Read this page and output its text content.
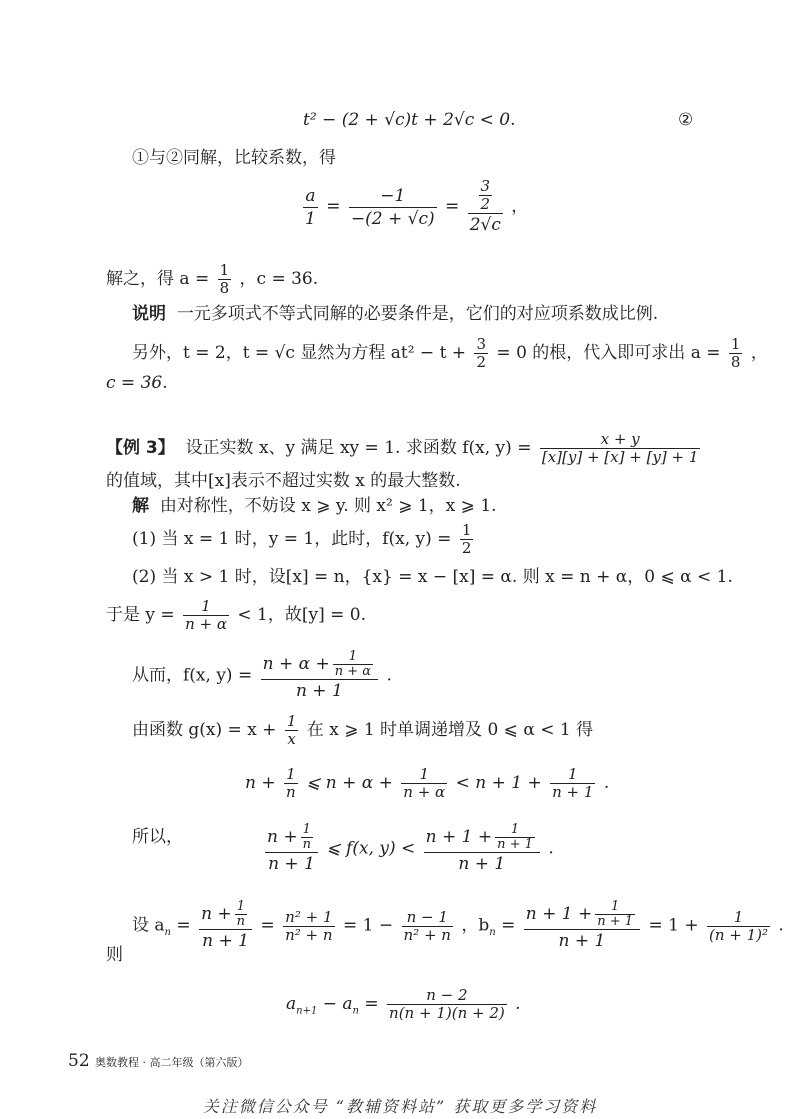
t² − (2 + √c)t + 2√c < 0.	②
①与②同解，比较系数，得
$\frac{a}{1} = \frac{-1}{-(2 + √c)} = \frac{\frac{3}{2}}{2√c}$ ，
解之，得 $a = \frac{1}{8}$ ，c = 36.
说明 一元多项式不等式同解的必要条件是，它们的对应项系数成比例.
另外，t = 2，t = √c 显然为方程 $at^2 - t + \frac{3}{2} = 0$ 的根，代入即可求出 $a = \frac{1}{8}$ ，
c = 36.
【例 3】 设正实数 x、y 满足 xy = 1. 求函数 f(x, $y) = \frac{x + y}{[x][y] + [x] + [y] + 1}$
的值域，其中[x]表示不超过实数 x 的最大整数.
解 由对称性，不妨设 x ⩾ y. 则 x² ⩾ 1，x ⩾ 1.
(1) 当 x = 1 时，y = 1，此时，f(x, $y) = \frac{1}{2}$
(2) 当 x > 1 时，设[x] = n，{x} = x − [x] = α. 则 x = n + α，0 ⩽ α < 1.
于是 $y = \frac{1}{n + \alpha} < 1$，故[y] = 0.
从而，f(x, $y) = \frac{n + \alpha + \frac{1}{n + \alpha}}{n + 1}$ .
由函数 $g(x) = x + \frac{1}{x}$ 在 x ⩾ 1 时单调递增及 0 ⩽ α < 1 得
$n + \frac{1}{n}$ ⩽ $n + \alpha + \frac{1}{n + \alpha} < n + 1 + \frac{1}{n + 1}$ .
所以，	$\frac{n + \frac{1}{n}}{n + 1}$ ⩽ f(x, $y) < \frac{n + 1 + \frac{1}{n + 1}}{n + 1}$ .
设 $a_n = \frac{n + \frac{1}{n}}{n + 1} = \frac{\text{n² + 1}}{\text{n² + n}} = 1 - \frac{n - 1}{\text{n² + n}}$ ，$b_n = \frac{n + 1 + \frac{1}{n + 1}}{n + 1} = 1 + \frac{1}{\text{(n + 1)²}}$ .
则
$a_{n+1} - a_n = \frac{n - 2}{n(n + 1)(n + 2)}$ .
52 奥数教程 · 高二年级（第六版）
关注微信公众号 “教辅资料站” 获取更多学习资料
